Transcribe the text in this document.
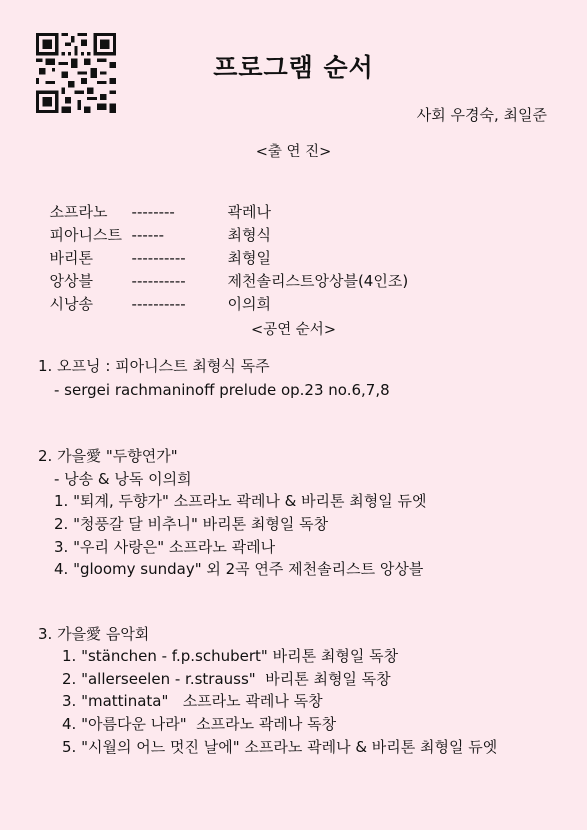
프로그램 순서
사회 우경숙, 최일준
<출 연 진>

소프라노 --------	곽레나

피아니스트 ------	최형식

바리톤	----------	최형일

앙상블	----------	제천솔리스트앙상블(4인조)

시낭송	----------	이의희

<공연 순서>
1. 오프닝 : 피아니스트 최형식 독주
- sergei rachmaninoff prelude op.23 no.6,7,8
2. 가을愛 "두향연가"
- 낭송 & 낭독 이의희
1. "퇴계, 두향가" 소프라노 곽레나 & 바리톤 최형일 듀엣
2. "청풍갈 달 비추니" 바리톤 최형일 독창
3. "우리 사랑은" 소프라노 곽레나
4. "gloomy sunday" 외 2곡 연주 제천솔리스트 앙상블
3. 가을愛 음악회
1. "stänchen - f.p.schubert" 바리톤 최형일 독창
2. "allerseelen - r.strauss"  바리톤 최형일 독창
3. "mattinata"   소프라노 곽레나 독창
4. "아름다운 나라"  소프라노 곽레나 독창
5. "시월의 어느 멋진 날에" 소프라노 곽레나 & 바리톤 최형일 듀엣
